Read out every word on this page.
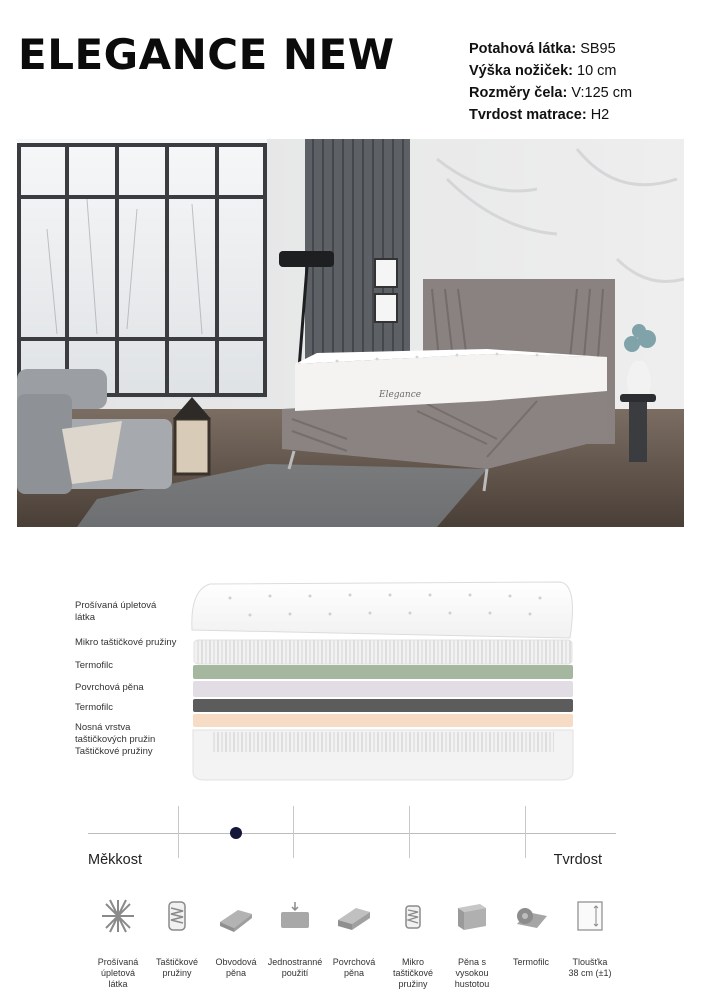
ELEGANCE NEW	Potahová látka: SB95
Výška nožiček: 10 cm
Rozměry čela: V:125 cm
Tvrdost matrace: H2
Elegance
Prošívaná úpletová
látka
Mikro taštičkové pružiny
Termofilc
Povrchová pěna
Termofilc
Nosná vrstva
taštičkových pružin
Taštičkové pružiny
Měkkost	Tvrdost
Prošívaná
úpletová
látka
Taštičkové
pružiny
Obvodová
pěna
Jednostranné
použití
Povrchová
pěna
Mikro
taštičkové
pružiny
Pěna s
vysokou
hustotou
Termofilc	Tloušťka
38 cm (±1)
